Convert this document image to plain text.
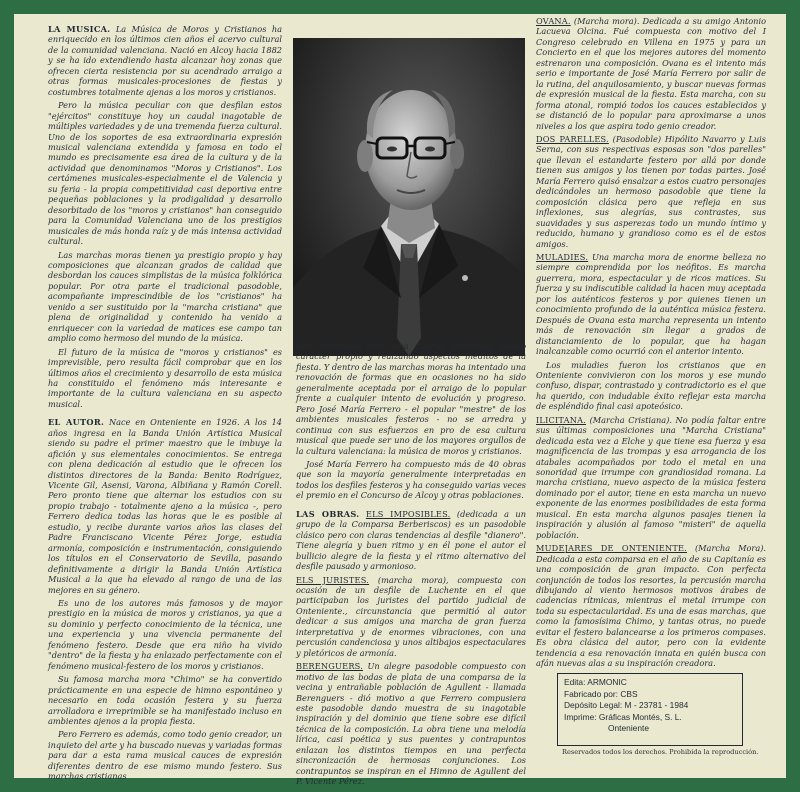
LA MUSICA. La Música de Moros y Cristianos ha enriquecido en los últimos cien años el acervo cultural de la comunidad valenciana. Nació en Alcoy hacia 1882 y se ha ido extendiendo hasta alcanzar hoy zonas que ofrecen cierta resistencia por su acendrado arraigo a otras formas musicales-procesiones de fiestas y costumbres totalmente ajenas a los moros y cristianos.

Pero la música peculiar con que desfilan estos "ejércitos" constituye hoy un caudal inagotable de múltiples variedades y de una tremenda fuerza cultural. Uno de los soportes de esa extraordinaria expresión musical valenciana extendida y famosa en todo el mundo es precisamente esa área de la cultura y de la actividad que denominamos "Moros y Cristianos". Los certámenes musicales-especialmente el de Valencia y su feria - la propia competitividad casi deportiva entre pequeñas poblaciones y la prodigalidad y desarrollo desorbitado de los "moros y cristianos" han conseguido para la Comunidad Valenciana uno de los prestigios musicales de más honda raíz y de más intensa actividad cultural.

Las marchas moras tienen ya prestigio propio y hay composiciones que alcanzan grados de calidad que desbordan los cauces simplistas de la música folklórica popular. Por otra parte el tradicional pasodoble, acompañante imprescindible de los "cristianos" ha venido a ser sustituido por la "marcha cristiana" que plena de originalidad y contenido ha venido a enriquecer con la variedad de matices ese campo tan amplio como hermoso del mundo de la música.

El futuro de la música de "moros y cristianos" es imprevisible, pero resulta fácil comprobar que en los últimos años el crecimiento y desarrollo de esta música ha constituido el fenómeno más interesante e importante de la cultura valenciana en su aspecto musical.

EL AUTOR. Nace en Onteniente en 1926. A los 14 años ingresa en la Banda Unión Artística Musical siendo su padre el primer maestro que le imbuye la afición y sus elementales conocimientos. Se entrega con plena dedicación al estudio que le ofrecen los distintos directores de la Banda: Benito Rodríguez, Vicente Gil, Asensi, Varona, Albiñana y Ramón Corell. Pero pronto tiene que alternar los estudios con su propio trabajo - totalmente ajeno a la música -, pero Ferrero dedica todas las horas que le es posible al estudio, y recibe durante varios años las clases del Padre Franciscano Vicente Pérez Jorge, estudia armonía, composición e instrumentación, consiguiendo los títulos en el Conservatorio de Sevilla, pasando definitivamente a dirigir la Banda Unión Artística Musical a la que ha elevado al rango de una de las mejores en su género.

Es uno de los autores más famosos y de mayor prestigio en la música de moros y cristianos, ya que a su dominio y perfecto conocimiento de la técnica, une una experiencia y una vivencia permanente del fenómeno festero. Desde que era niño ha vivido "dentro" de la fiesta y ha enlazado perfectamente con el fenómeno musical-festero de los moros y cristianos.

Su famosa marcha mora "Chimo" se ha convertido prácticamente en una especie de himno espontáneo y necesario en toda ocasión festera y su fuerza arrolladora e irreprimible se ha manifestado incluso en ambientes ajenos a la propia fiesta.

Pero Ferrero es además, como todo genio creador, un inquieto del arte y ha buscado nuevas y variadas formas para dar a esta rama musical cauces de expresión diferentes dentro de ese mismo mundo festero. Sus marchas cristianas

han irrumpido con una fuerza tremenda dando carácter propio y realzando aspectos inéditos de la fiesta. Y dentro de las marchas moras ha intentado una renovación de formas que en ocasiones no ha sido generalmente aceptada por el arraigo de lo popular frente a cualquier intento de evolución y progreso. Pero José María Ferrero - el popular "mestre" de los ambientes musicales festeros - no se arredra y continua con sus esfuerzos en pro de esa cultura musical que puede ser uno de los mayores orgullos de la cultura valenciana: la música de moros y cristianos.

José María Ferrero ha compuesto más de 40 obras que son la mayoría generalmente interpretadas en todos los desfiles festeros y ha conseguido varias veces el premio en el Concurso de Alcoy y otras poblaciones.

LAS OBRAS. ELS IMPOSIBLES. (dedicada a un grupo de la Comparsa Berberiscos) es un pasodoble clásico pero con claras tendencias al desfile "dianero". Tiene alegría y buen ritmo y en él pone el autor el bullicio alegre de la fiesta y el ritmo alternativo del desfile pausado y armonioso.

ELS JURISTES. (marcha mora), compuesta con ocasión de un desfile de Luchente en el que participaban los juristes del partido judicial de Onteniente., circunstancia que permitió al autor dedicar a sus amigos una marcha de gran fuerza interpretativa y de enormes vibraciones, con una percusión candenciosa y unos altibajos espectaculares y pletóricos de armonía.

BERENGUERS. Un alegre pasodoble compuesto con motivo de las bodas de plata de una comparsa de la vecina y entrañable población de Agullent - llamada Berenguers - dió motivo a que Ferrero compusiera este pasodoble dando muestra de su inagotable inspiración y del dominio que tiene sobre ese difícil técnica de la composición. La obra tiene una melodía lírica, casi poética y sus puentes y contrapuntos enlazan los distintos tiempos en una perfecta sincronización de hermosas conjunciones. Los contrapuntos se inspiran en el Himno de Agullent del P. Vicente Pérez.

OVANA. (Marcha mora). Dedicada a su amigo Antonio Lacueva Olcina. Fué compuesta con motivo del I Congreso celebrado en Villena en 1975 y para un Concierto en el que los mejores autores del momento estrenaron una composición. Ovana es el intento más serio e importante de José María Ferrero por salir de la rutina, del anquilosamiento, y buscar nuevas formas de expresión musical de la fiesta. Esta marcha, con su forma atonal, rompió todos los cauces establecidos y se distanció de lo popular para aproximarse a unos niveles a los que aspira todo genio creador.

DOS PARELLES. (Pasodoble) Hipólito Navarro y Luis Serna, con sus respectivas esposas son "dos parelles" que llevan el estandarte festero por allá por donde tienen sus amigos y los tienen por todas partes. José María Ferrero quisó ensalzar a estos cuatro personajes dedicándoles un hermoso pasodoble que tiene la composición clásica pero que refleja en sus inflexiones, sus alegrías, sus contrastes, sus suavidades y sus asperezas todo un mundo íntimo y reducido, humano y grandioso como es el de estos amigos.

MULADIES. Una marcha mora de enorme belleza no siempre comprendida por los neófitos. Es marcha guerrera, mora, espectacular y de ricos matices. Su fuerza y su indiscutible calidad la hacen muy aceptada por los auténticos festeros y por quienes tienen un conocimiento profundo de la auténtica música festera. Después de Ovana esta marcha representa un intento más de renovación sin llegar a grados de distanciamiento de lo popular, que ha hagan inalcanzable como ocurrió con el anterior intento.

Los muladies fueron los cristianos que en Onteniente convivieron con los moros y ese mundo confuso, dispar, contrastado y contradictorio es el que ha querido, con indudable éxito reflejar esta marcha de espléndido final casi apoteósico.

ILICITANA. (Marcha Cristiana). No podía faltar entre sus últimas composiciones una "Marcha Cristiana" dedicada esta vez a Elche y que tiene esa fuerza y esa magnificencia de las trompas y esa arrogancia de los atabales acompañados por todo el metal en una sonoridad que irrumpe con grandiosidad romana. La marcha cristiana, nuevo aspecto de la música festera dominado por el autor, tiene en esta marcha un nuevo exponente de las enormes posibilidades de esta forma musical. En esta marcha algunos pasajes tienen la inspiración y alusión al famoso "misteri" de aquella población.

MUDEJARES DE ONTENIENTE. (Marcha Mora). Dedicada a esta comparsa en el año de su Capitanía es una composición de gran impacto. Con perfecta conjunción de todos los resortes, la percusión marcha dibujando al viento hermosos motivos árabes de cadencias rítmicas, mientras el metal irrumpe con toda su espectacularidad. Es una de esas marchas, que como la famosísima Chimo, y tantas otras, no puede evitar el festero balancearse a los primeros compases. Es obra clásica del autor, pero con la evidente tendencia a esa renovación innata en quién busca con afán nuevas alas a su inspiración creadora.

Edita: ARMONIC
Fabricado por: CBS
Depósito Legal: M - 23781 - 1984
Imprime: Gráficas Montés, S. L.
Onteniente
Reservados todos los derechos. Prohibida la reproducción.
